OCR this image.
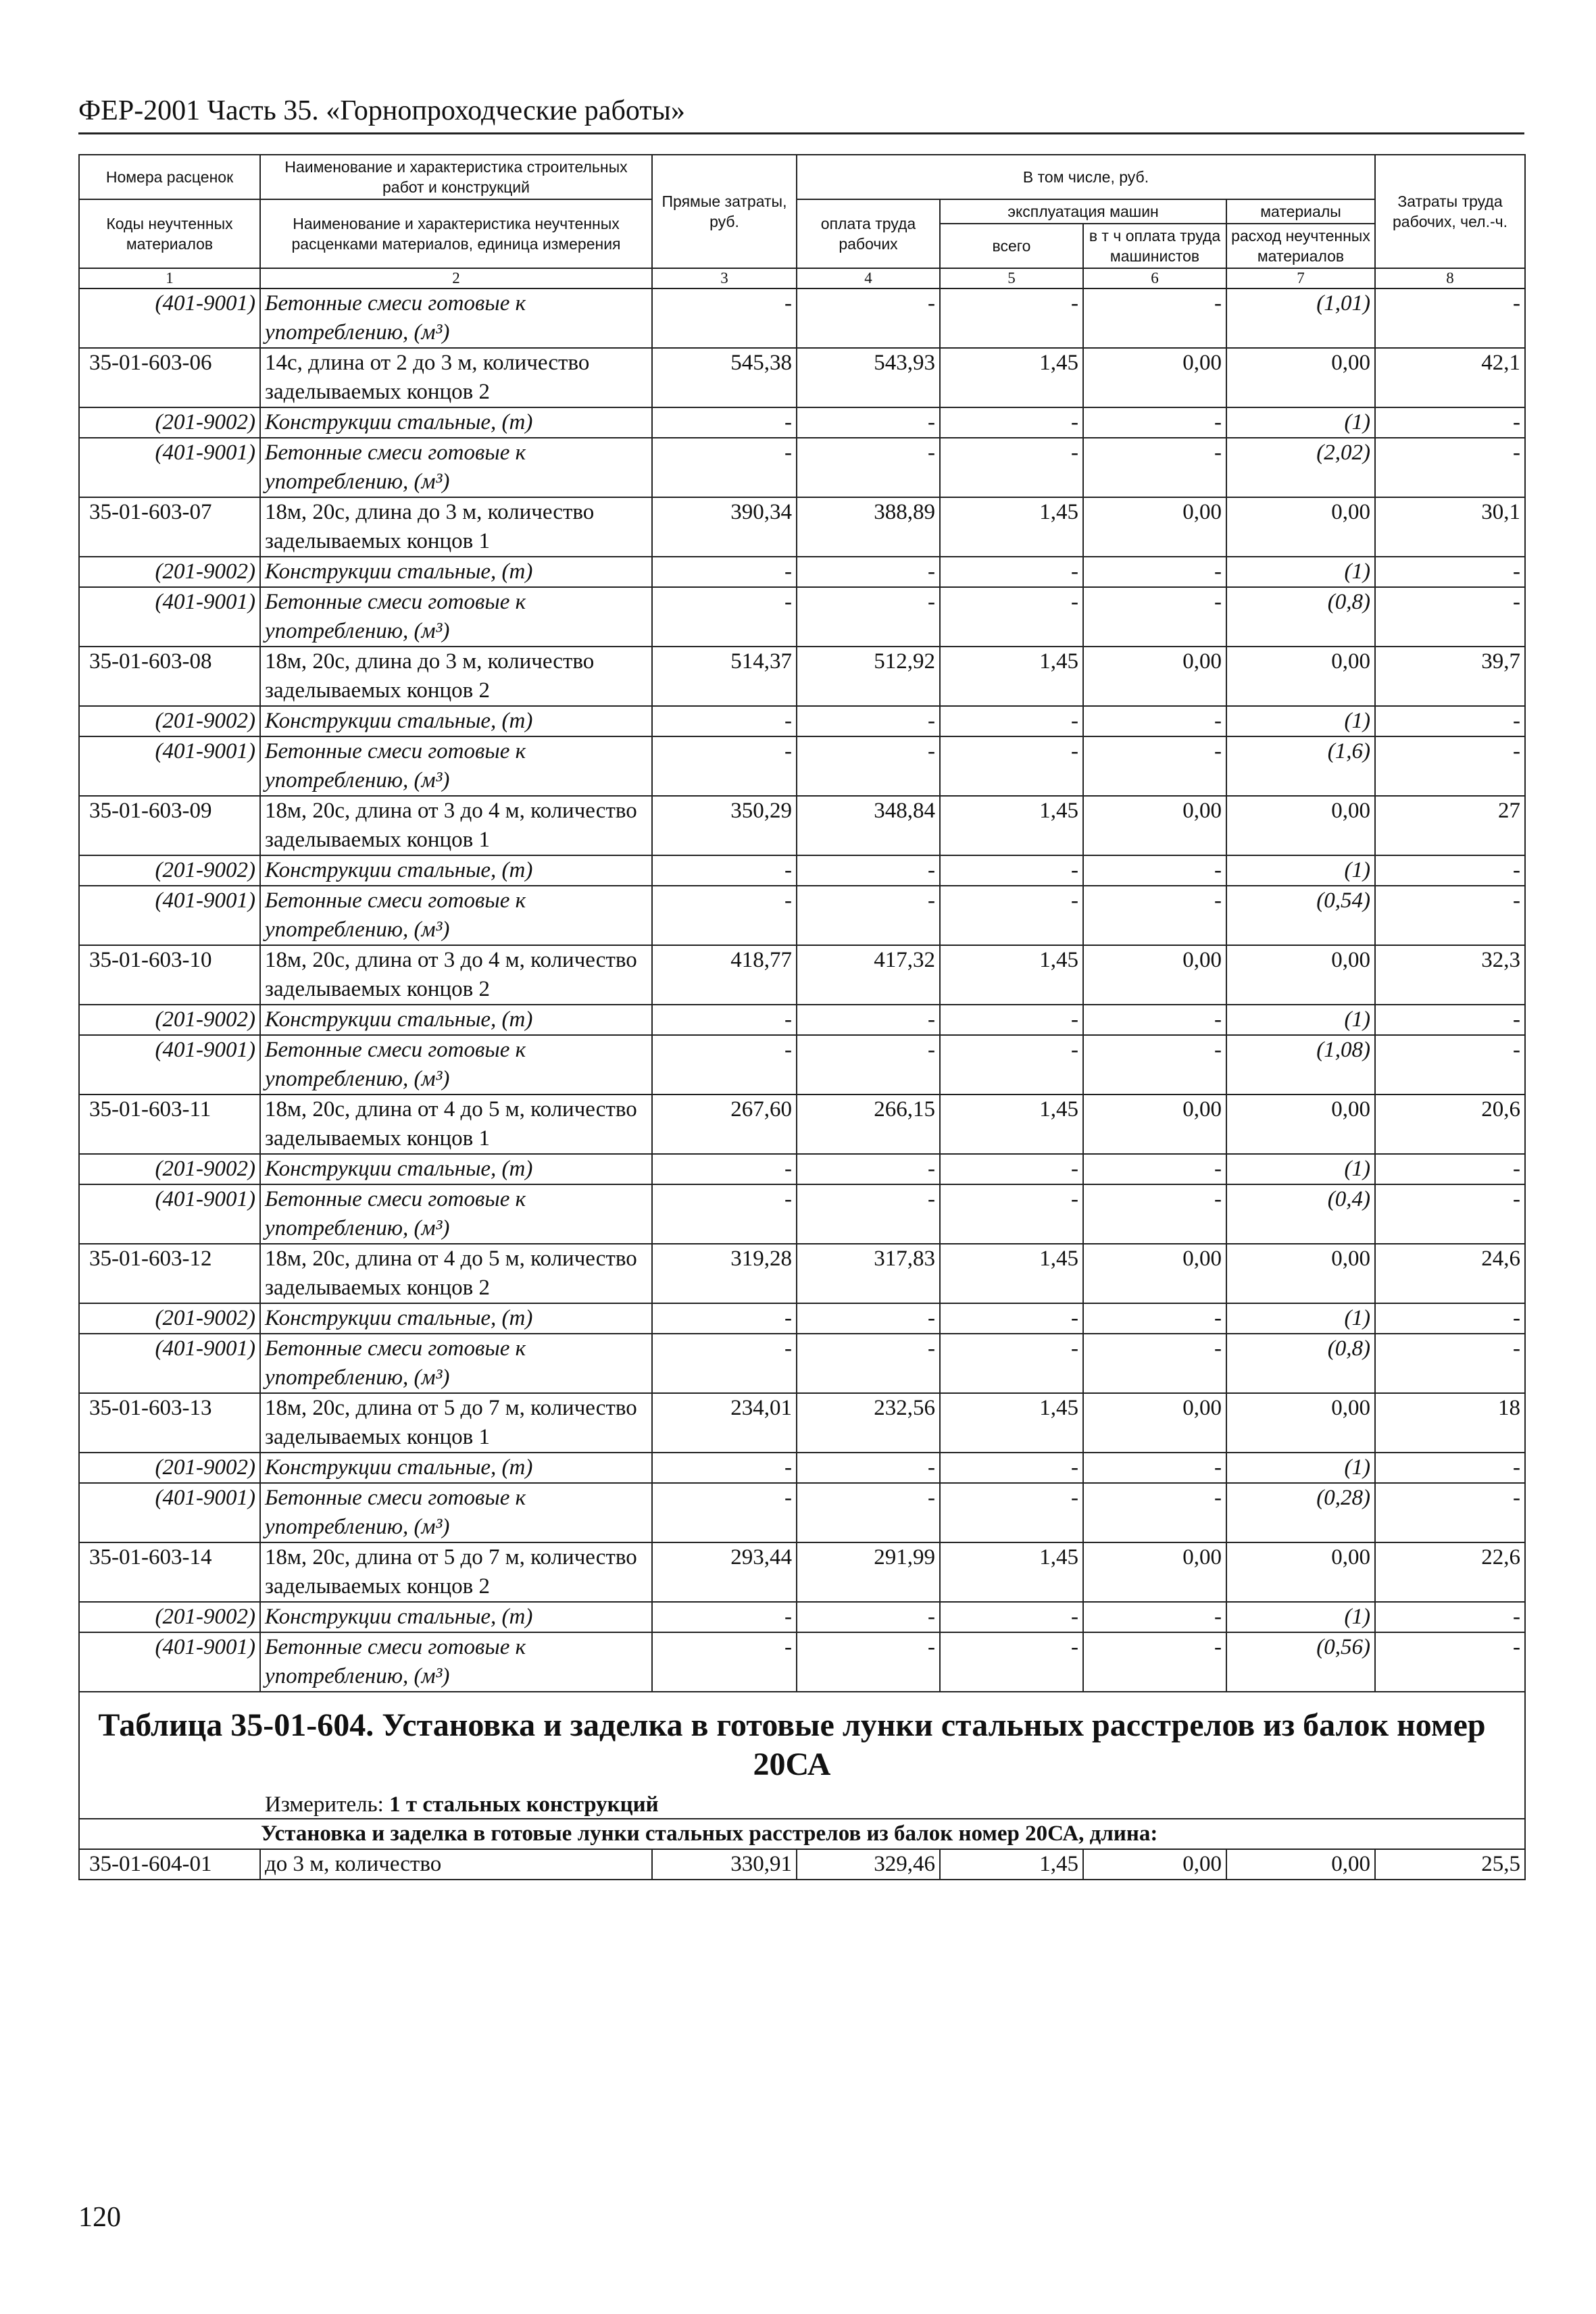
ФЕР-2001 Часть 35. «Горнопроходческие работы»
Номера расценок	Наименование и характеристика строительных работ и конструкций	Прямые затраты, руб.	В том числе, руб.				Затраты труда рабочих, чел.-ч.
Коды неучтенных материалов	Наименование и характеристика неучтенных расценками материалов, единица измерения		оплата труда рабочих	эксплуатация машин		материалы	
				всего	в т ч оплата труда машинистов	расход неучтенных материалов	

1	2	3	4	5	6	7	8
(401-9001)	Бетонные смеси готовые к употреблению, (м³)	-	-	-	-	(1,01)	-
35-01-603-06	14с, длина от 2 до 3 м, количество заделываемых концов 2	545,38	543,93	1,45	0,00	0,00	42,1
(201-9002)	Конструкции стальные, (т)	-	-	-	-	(1)	-
(401-9001)	Бетонные смеси готовые к употреблению, (м³)	-	-	-	-	(2,02)	-
35-01-603-07	18м, 20с, длина до 3 м, количество заделываемых концов 1	390,34	388,89	1,45	0,00	0,00	30,1
(201-9002)	Конструкции стальные, (т)	-	-	-	-	(1)	-
(401-9001)	Бетонные смеси готовые к употреблению, (м³)	-	-	-	-	(0,8)	-
35-01-603-08	18м, 20с, длина до 3 м, количество заделываемых концов 2	514,37	512,92	1,45	0,00	0,00	39,7
(201-9002)	Конструкции стальные, (т)	-	-	-	-	(1)	-
(401-9001)	Бетонные смеси готовые к употреблению, (м³)	-	-	-	-	(1,6)	-
35-01-603-09	18м, 20с, длина от 3 до 4 м, количество заделываемых концов 1	350,29	348,84	1,45	0,00	0,00	27
(201-9002)	Конструкции стальные, (т)	-	-	-	-	(1)	-
(401-9001)	Бетонные смеси готовые к употреблению, (м³)	-	-	-	-	(0,54)	-
35-01-603-10	18м, 20с, длина от 3 до 4 м, количество заделываемых концов 2	418,77	417,32	1,45	0,00	0,00	32,3
(201-9002)	Конструкции стальные, (т)	-	-	-	-	(1)	-
(401-9001)	Бетонные смеси готовые к употреблению, (м³)	-	-	-	-	(1,08)	-
35-01-603-11	18м, 20с, длина от 4 до 5 м, количество заделываемых концов 1	267,60	266,15	1,45	0,00	0,00	20,6
(201-9002)	Конструкции стальные, (т)	-	-	-	-	(1)	-
(401-9001)	Бетонные смеси готовые к употреблению, (м³)	-	-	-	-	(0,4)	-
35-01-603-12	18м, 20с, длина от 4 до 5 м, количество заделываемых концов 2	319,28	317,83	1,45	0,00	0,00	24,6
(201-9002)	Конструкции стальные, (т)	-	-	-	-	(1)	-
(401-9001)	Бетонные смеси готовые к употреблению, (м³)	-	-	-	-	(0,8)	-
35-01-603-13	18м, 20с, длина от 5 до 7 м, количество заделываемых концов 1	234,01	232,56	1,45	0,00	0,00	18
(201-9002)	Конструкции стальные, (т)	-	-	-	-	(1)	-
(401-9001)	Бетонные смеси готовые к употреблению, (м³)	-	-	-	-	(0,28)	-
35-01-603-14	18м, 20с, длина от 5 до 7 м, количество заделываемых концов 2	293,44	291,99	1,45	0,00	0,00	22,6
(201-9002)	Конструкции стальные, (т)	-	-	-	-	(1)	-
(401-9001)	Бетонные смеси готовые к употреблению, (м³)	-	-	-	-	(0,56)	-

Таблица 35-01-604. Установка и заделка в готовые лунки стальных расстрелов из балок номер 20СА
Измеритель: 1 т стальных конструкций							

Установка и заделка в готовые лунки стальных расстрелов из балок номер 20СА, длина:							
35-01-604-01	до 3 м, количество	330,91	329,46	1,45	0,00	0,00	25,5
120
